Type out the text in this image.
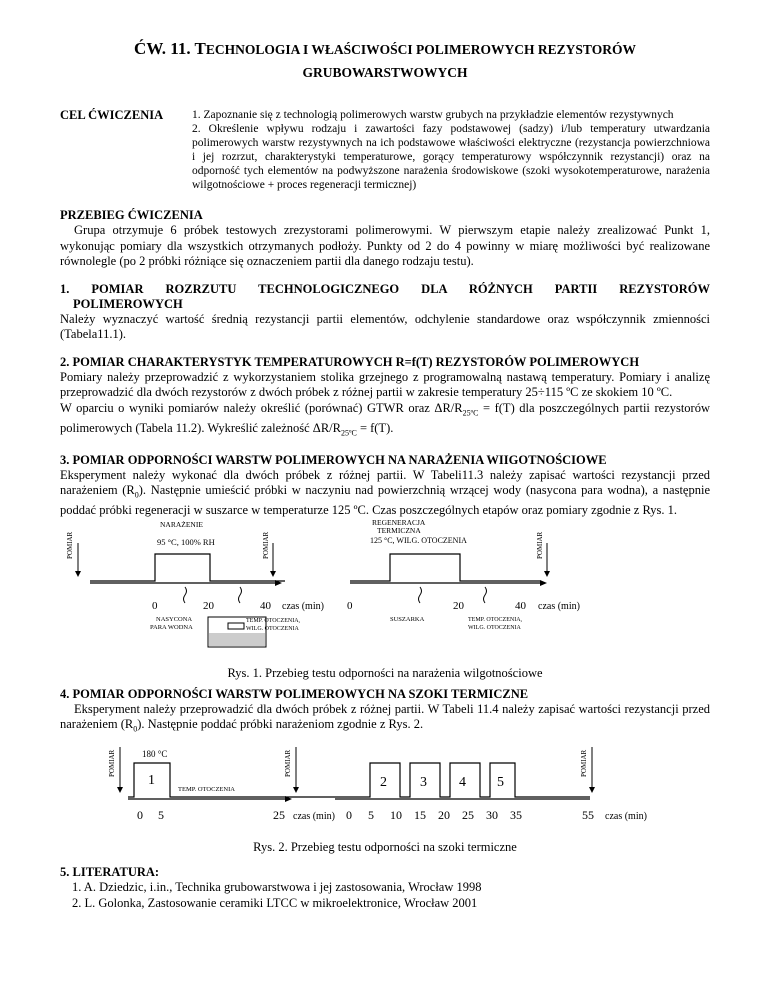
ĆW. 11. TECHNOLOGIA I WŁAŚCIWOŚCI POLIMEROWYCH REZYSTORÓW
GRUBOWARSTWOWYCH
CEL ĆWICZENIA	1. Zapoznanie się z technologią polimerowych warstw grubych na przykładzie elementów rezystywnych

2. Określenie wpływu rodzaju i zawartości fazy podstawowej (sadzy) i/lub temperatury utwardzania polimerowych warstw rezystywnych na ich podstawowe właściwości elektryczne (rezystancja powierzchniowa i jej rozrzut, charakterystyki temperaturowe, gorący temperaturowy współczynnik rezystancji) oraz na odporność tych elementów na podwyższone narażenia środowiskowe (szoki wysokotemperaturowe, narażenia wilgotnościowe + proces regeneracji termicznej)

PRZEBIEG ĆWICZENIA

Grupa otrzymuje 6 próbek testowych zrezystorami polimerowymi. W pierwszym etapie należy zrealizować Punkt 1, wykonując pomiary dla wszystkich otrzymanych podłoży. Punkty od 2 do 4 powinny w miarę możliwości być realizowane równolegle (po 2 próbki różniące się oznaczeniem partii dla danego rodzaju testu).

1. POMIAR ROZRZUTU TECHNOLOGICZNEGO DLA RÓŻNYCH PARTII REZYSTORÓW
POLIMEROWYCH

Należy wyznaczyć wartość średnią rezystancji partii elementów, odchylenie standardowe oraz współczynnik zmienności (Tabela11.1).

2. POMIAR CHARAKTERYSTYK TEMPERATUROWYCH R=f(T) REZYSTORÓW POLIMEROWYCH

Pomiary należy przeprowadzić z wykorzystaniem stolika grzejnego z programowalną nastawą temperatury. Pomiary i analizę przeprowadzić dla dwóch rezystorów z dwóch próbek z różnej partii w zakresie temperatury 25÷115 ºC ze skokiem 10 ºC.

W oparciu o wyniki pomiarów należy określić (porównać) GTWR oraz $\Delta R/R_{25ºC} = f(T)$ dla poszczególnych partii rezystorów polimerowych (Tabela 11.2). Wykreślić zależność $\Delta R/R_{25ºC} = f(T)$.

3. POMIAR ODPORNOŚCI WARSTW POLIMEROWYCH NA NARAŻENIA WIIGOTNOŚCIOWE

Eksperyment należy wykonać dla dwóch próbek z różnej partii. W Tabeli11.3 należy zapisać wartości rezystancji przed narażeniem $(R_0)$. Następnie umieścić próbki w naczyniu nad powierzchnią wrzącej wody (nasycona para wodna), a następnie poddać próbki regeneracji w suszarce w temperaturze 125 ºC. Czas poszczególnych etapów oraz pomiary zgodnie z Rys. 1.

POMIAR
NARAŻENIE
95 °C, 100% RH	POMIAR
0	20	40 czas (min)
NASYCONA
PARA WODNA
TEMP. OTOCZENIA,
WILG. OTOCZENIA
REGENERACJA
TERMICZNA
125 °C, WILG. OTOCZENIA	POMIAR
0	20	40 czas (min)
SUSZARKA	TEMP. OTOCZENIA,
WILG. OTOCZENIA
Rys. 1. Przebieg testu odporności na narażenia wilgotnościowe
4. POMIAR ODPORNOŚCI WARSTW POLIMEROWYCH NA SZOKI TERMICZNE

Eksperyment należy przeprowadzić dla dwóch próbek z różnej partii. W Tabeli 11.4 należy zapisać wartości rezystancji przed narażeniem $(R_0)$. Następnie poddać próbki narażeniom zgodnie z Rys. 2.

POMIAR	180 °C
1
TEMP. OTOCZENIA
POMIAR
2 3 4 5
POMIAR
0 5	25 czas (min) 0 5 10 15 20 25 30 35	55 czas (min)
Rys. 2. Przebieg testu odporności na szoki termiczne
5. LITERATURA:
1. A. Dziedzic, i.in., Technika grubowarstwowa i jej zastosowania, Wrocław 1998
2. L. Golonka, Zastosowanie ceramiki LTCC w mikroelektronice, Wrocław 2001
